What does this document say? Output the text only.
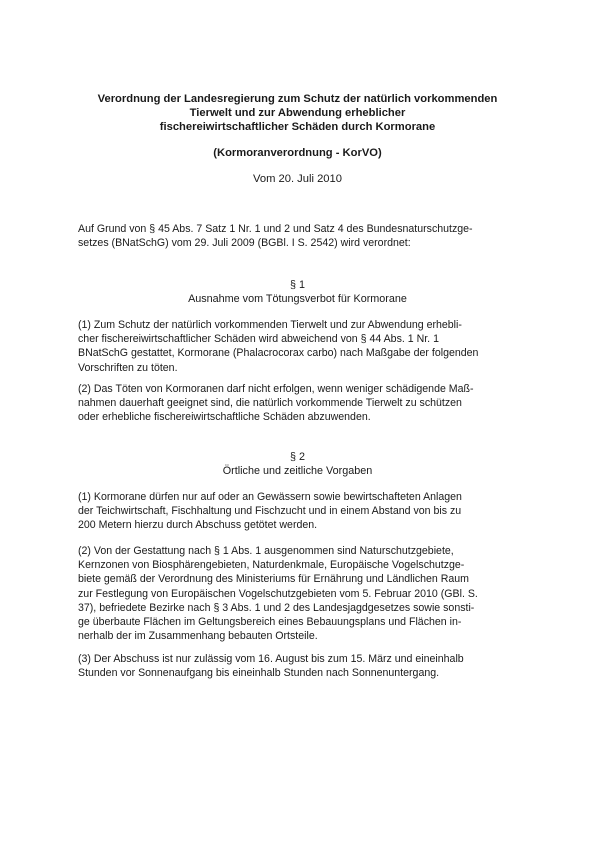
Verordnung der Landesregierung zum Schutz der natürlich vorkommenden
Tierwelt und zur Abwendung erheblicher
fischereiwirtschaftlicher Schäden durch Kormorane
(Kormoranverordnung - KorVO)
Vom 20. Juli 2010
Auf Grund von § 45 Abs. 7 Satz 1 Nr. 1 und 2 und Satz 4 des Bundesnaturschutzge-
setzes (BNatSchG) vom 29. Juli 2009 (BGBl. I S. 2542) wird verordnet:
§ 1
Ausnahme vom Tötungsverbot für Kormorane
(1) Zum Schutz der natürlich vorkommenden Tierwelt und zur Abwendung erhebli-
cher fischereiwirtschaftlicher Schäden wird abweichend von § 44 Abs. 1 Nr. 1
BNatSchG gestattet, Kormorane (Phalacrocorax carbo) nach Maßgabe der folgenden
Vorschriften zu töten.
(2) Das Töten von Kormoranen darf nicht erfolgen, wenn weniger schädigende Maß-
nahmen dauerhaft geeignet sind, die natürlich vorkommende Tierwelt zu schützen
oder erhebliche fischereiwirtschaftliche Schäden abzuwenden.
§ 2
Örtliche und zeitliche Vorgaben
(1) Kormorane dürfen nur auf oder an Gewässern sowie bewirtschafteten Anlagen
der Teichwirtschaft, Fischhaltung und Fischzucht und in einem Abstand von bis zu
200 Metern hierzu durch Abschuss getötet werden.
(2) Von der Gestattung nach § 1 Abs. 1 ausgenommen sind Naturschutzgebiete,
Kernzonen von Biosphärengebieten, Naturdenkmale, Europäische Vogelschutzge-
biete gemäß der Verordnung des Ministeriums für Ernährung und Ländlichen Raum
zur Festlegung von Europäischen Vogelschutzgebieten vom 5. Februar 2010 (GBl. S.
37), befriedete Bezirke nach § 3 Abs. 1 und 2 des Landesjagdgesetzes sowie sonsti-
ge überbaute Flächen im Geltungsbereich eines Bebauungsplans und Flächen in-
nerhalb der im Zusammenhang bebauten Ortsteile.
(3) Der Abschuss ist nur zulässig vom 16. August bis zum 15. März und eineinhalb
Stunden vor Sonnenaufgang bis eineinhalb Stunden nach Sonnenuntergang.
